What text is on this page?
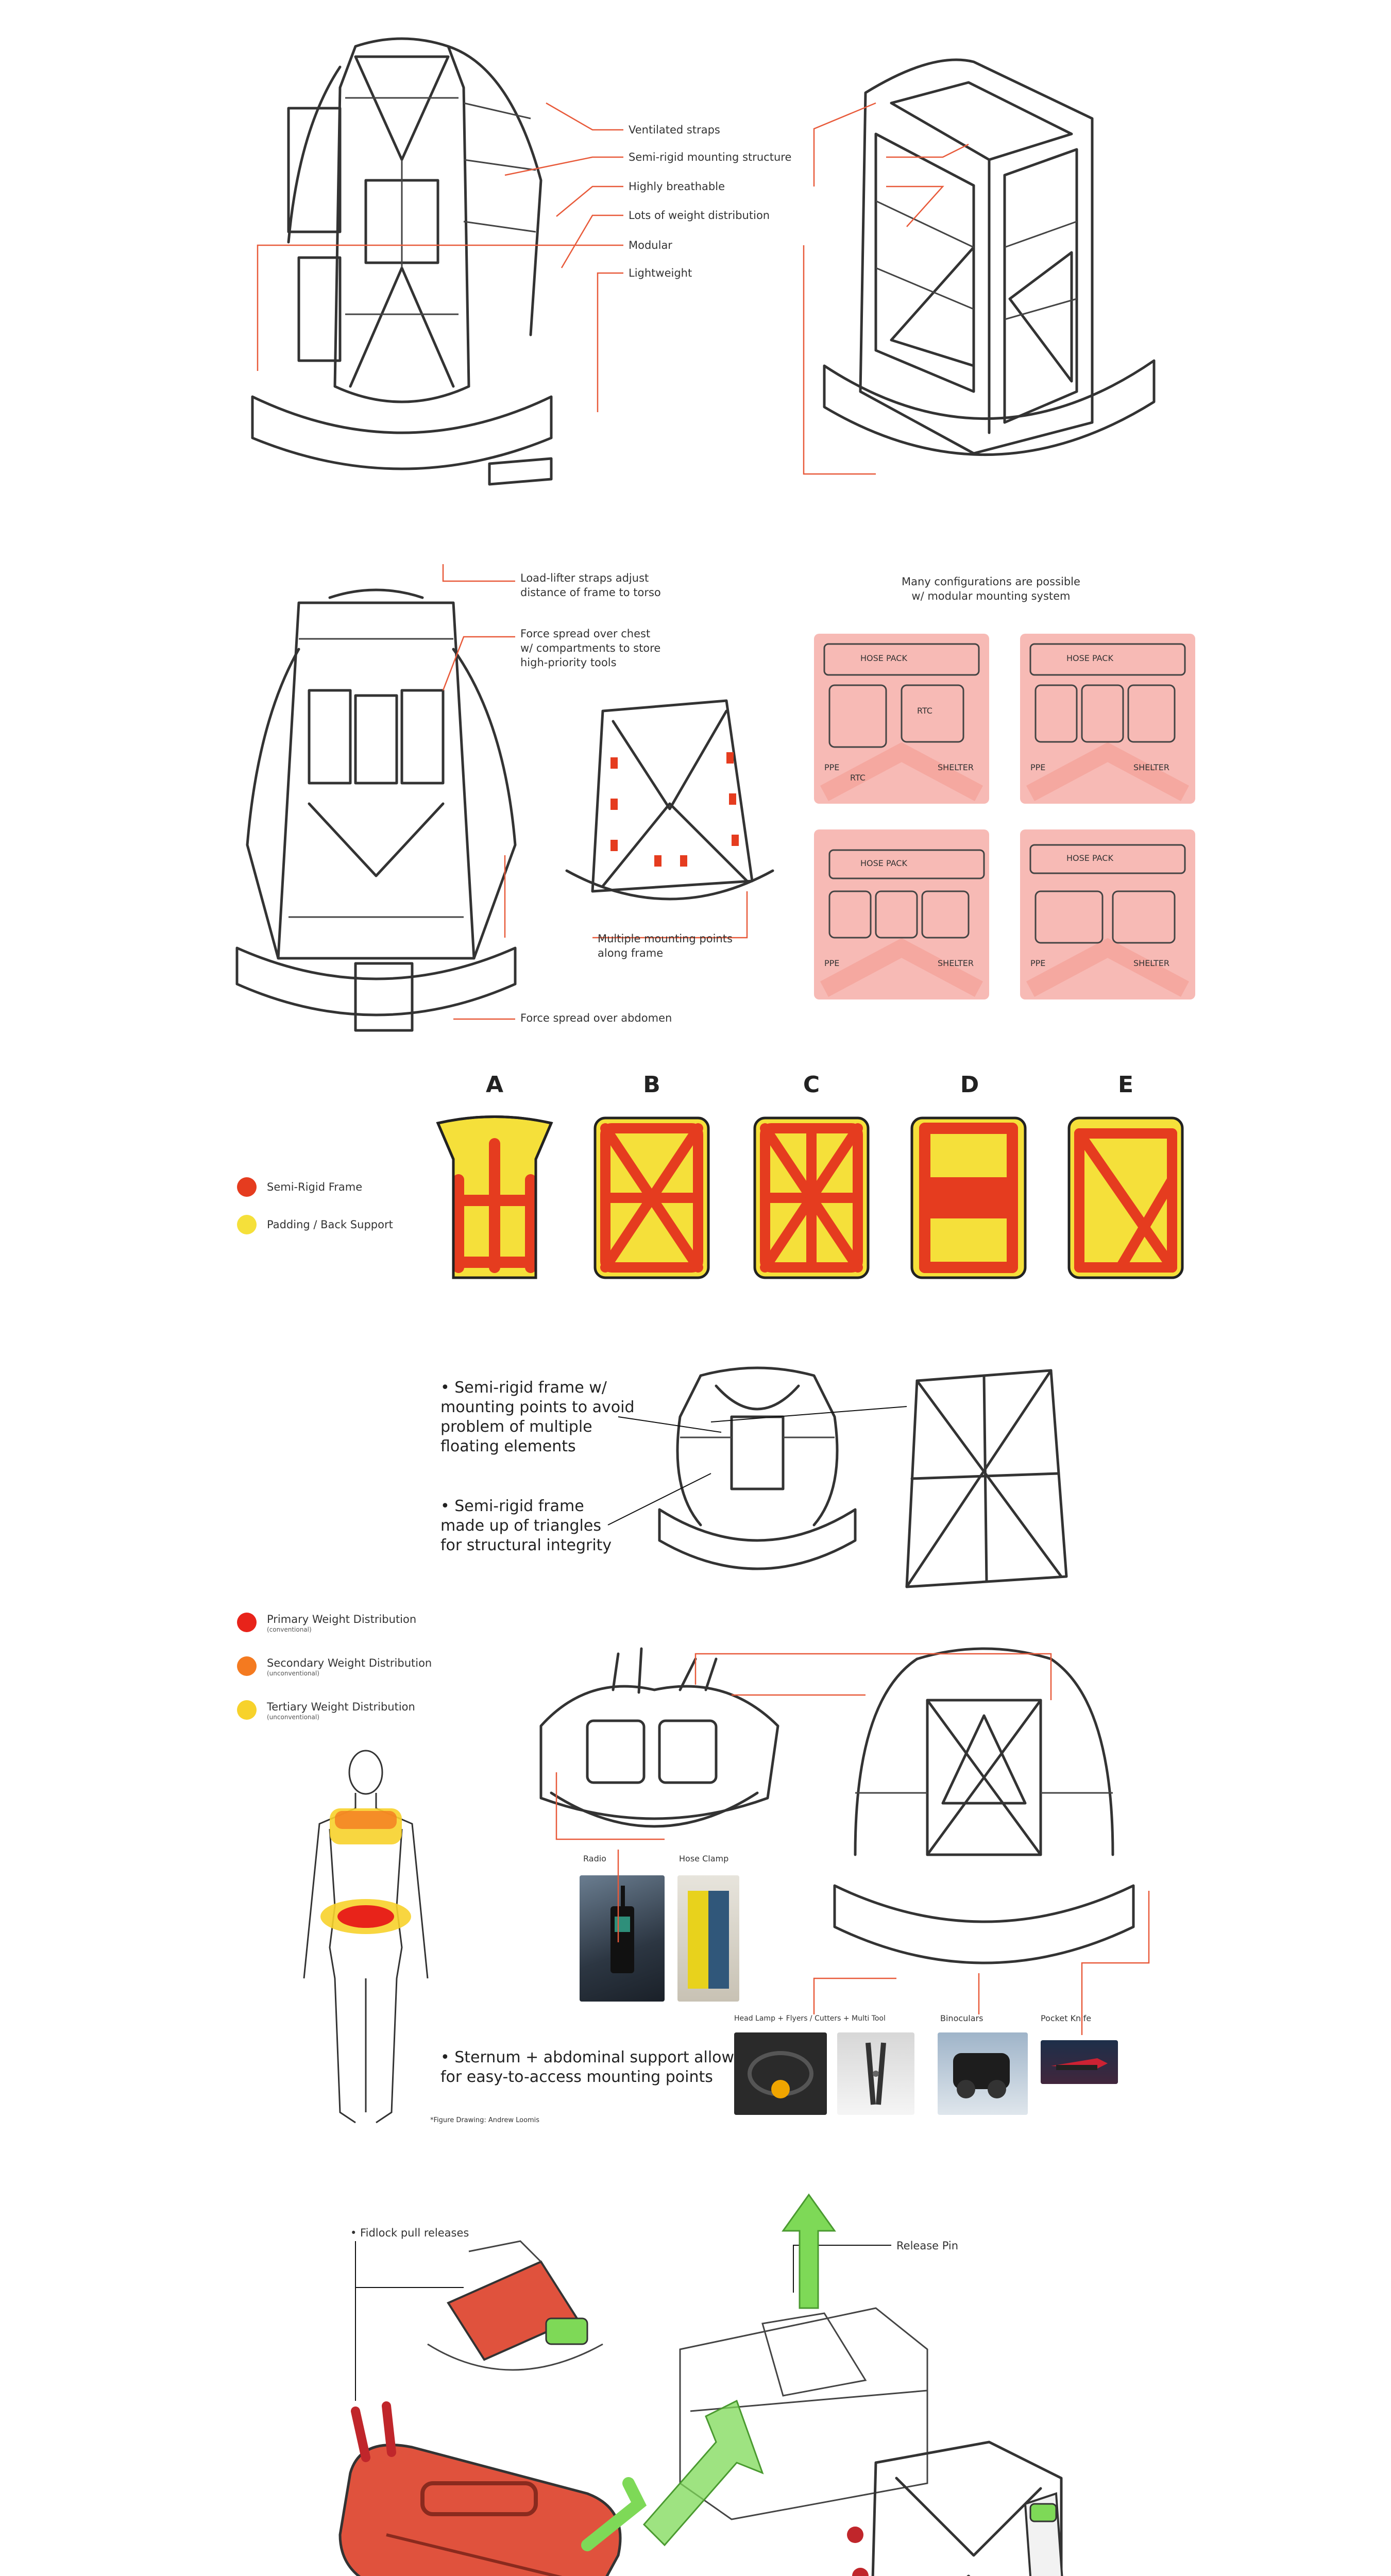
Ventilated straps
Semi-rigid mounting structure
Highly breathable
Lots of weight distribution
Modular
Lightweight
Load-lifter straps adjust
distance of frame to torso
Force spread over chest
w/ compartments to store
high-priority tools
Multiple mounting points
along frame
Force spread over abdomen
Many configurations are possible
w/ modular mounting system
HOSE PACK	HOSE PACK
RTC
RTC
PPE	SHELTER	PPE	SHELTER
HOSE PACK
HOSE PACK
PPE	SHELTER	PPE	SHELTER
Semi-Rigid Frame
Padding / Back Support
A	B	C	D	E
• Semi-rigid frame w/
mounting points to avoid
problem of multiple
floating elements
• Semi-rigid frame
made up of triangles
for structural integrity
Primary Weight Distribution
(conventional)
Secondary Weight Distribution
(unconventional)
Tertiary Weight Distribution
(unconventional)
*Figure Drawing: Andrew Loomis
• Sternum + abdominal support allow
for easy-to-access mounting points
Radio	Hose Clamp
Head Lamp + Flyers / Cutters + Multi Tool	Binoculars	Pocket Knife
• Fidlock pull releases
Release Pin
